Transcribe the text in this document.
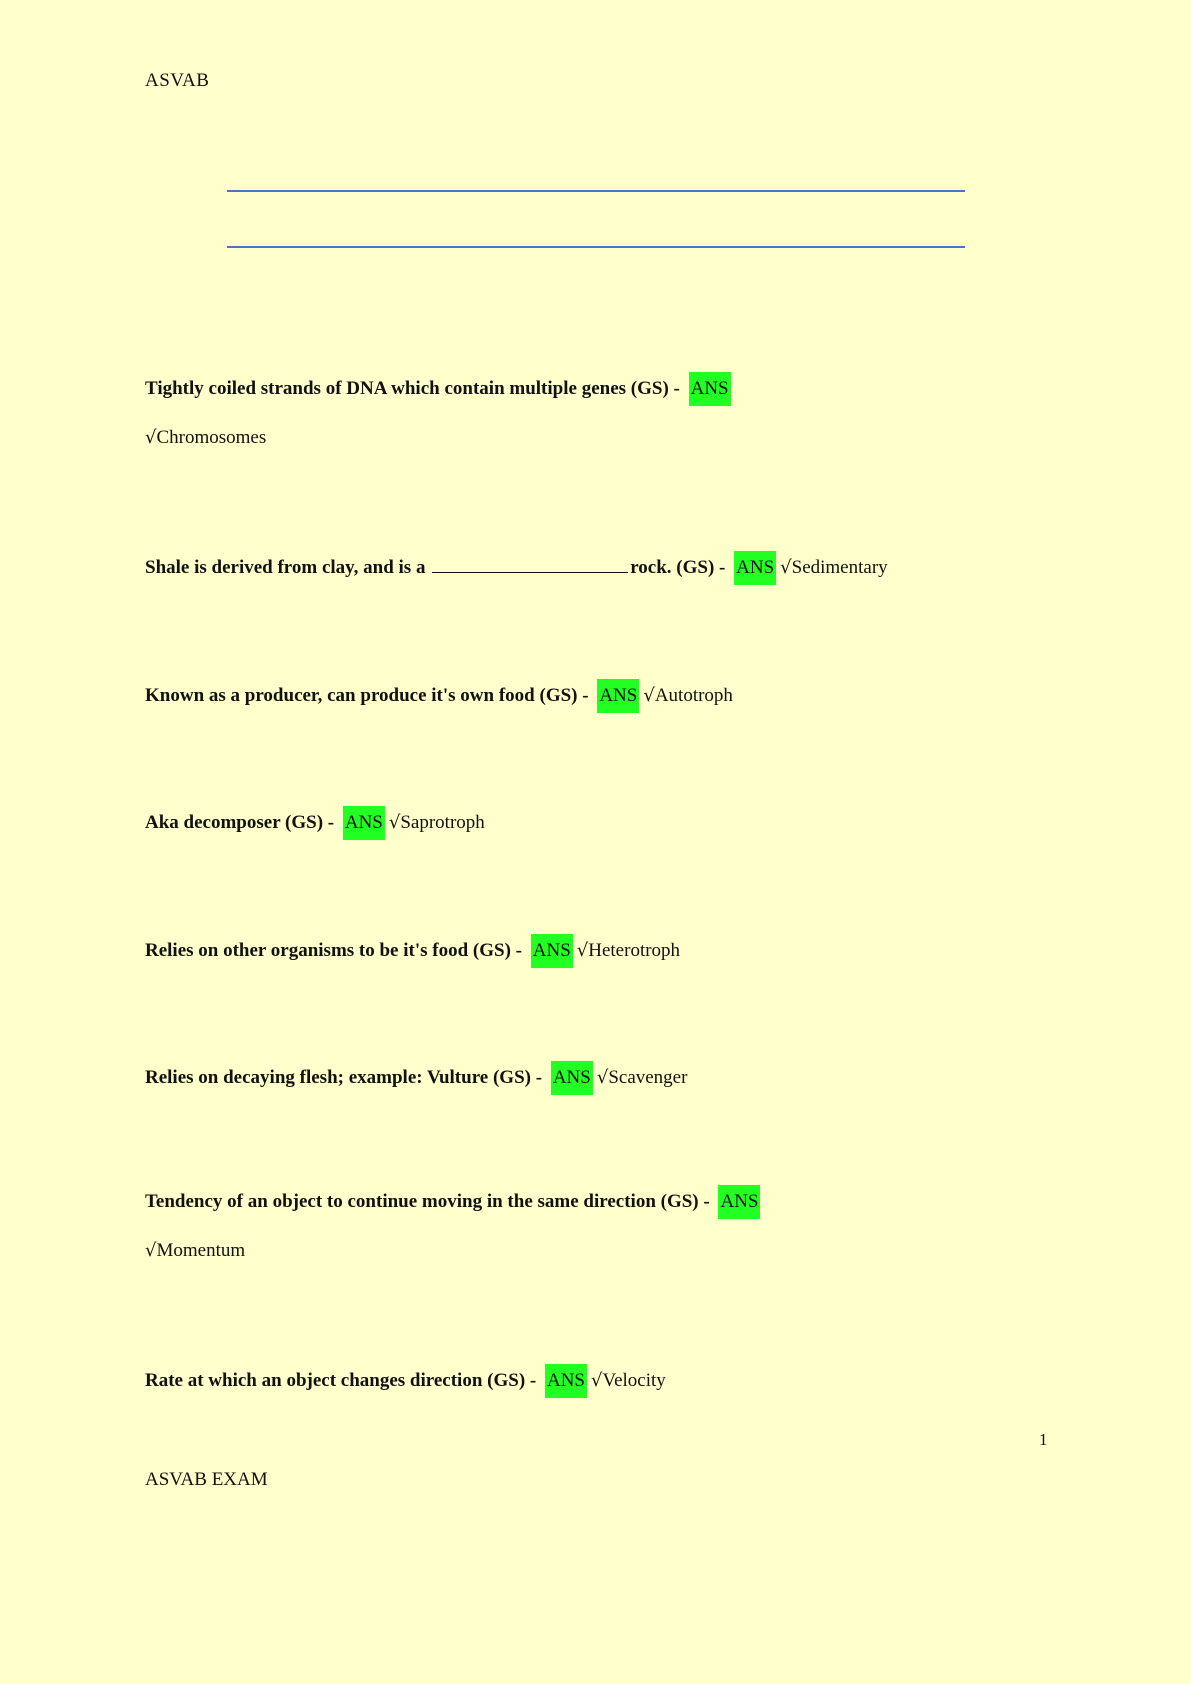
ASVAB
Tightly coiled strands of DNA which contain multiple genes (GS) - ANS
√Chromosomes
Shale is derived from clay, and is a	rock. (GS) - ANS √Sedimentary
Known as a producer, can produce it's own food (GS) - ANS √Autotroph
Aka decomposer (GS) - ANS √Saprotroph
Relies on other organisms to be it's food (GS) - ANS √Heterotroph
Relies on decaying flesh; example: Vulture (GS) - ANS √Scavenger
Tendency of an object to continue moving in the same direction (GS) - ANS
√Momentum
Rate at which an object changes direction (GS) - ANS √Velocity
1
ASVAB EXAM
